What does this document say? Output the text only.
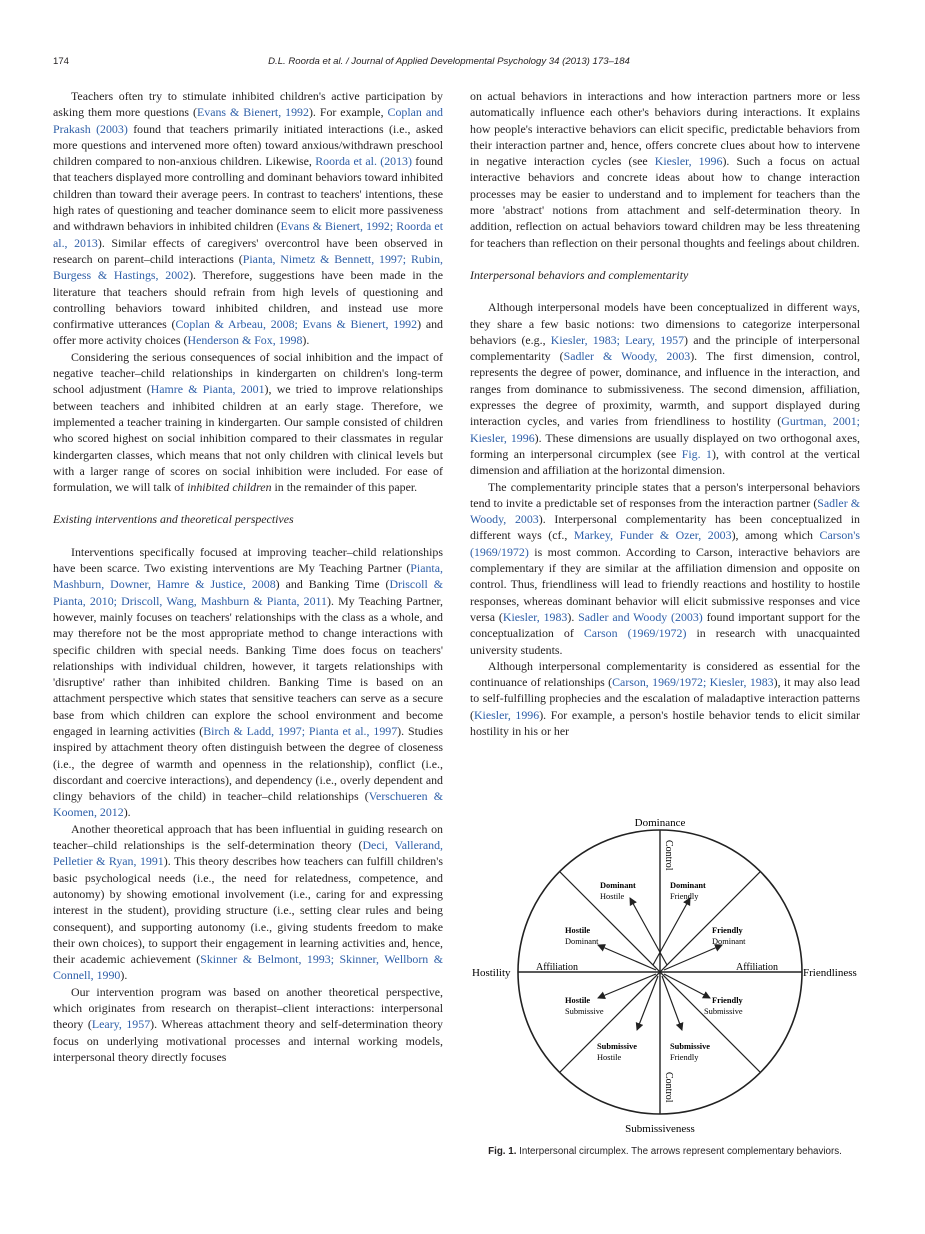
174	D.L. Roorda et al. / Journal of Applied Developmental Psychology 34 (2013) 173–184

Teachers often try to stimulate inhibited children's active participation by asking them more questions (Evans & Bienert, 1992). For example, Coplan and Prakash (2003) found that teachers primarily initiated interactions (i.e., asked more questions and intervened more often) toward anxious/withdrawn preschool children compared to non-anxious children. Likewise, Roorda et al. (2013) found that teachers displayed more controlling and dominant behaviors toward inhibited children than toward their average peers. In contrast to teachers' intentions, these high rates of questioning and teacher dominance seem to elicit more passiveness and withdrawn behaviors in inhibited children (Evans & Bienert, 1992; Roorda et al., 2013). Similar effects of caregivers' overcontrol have been observed in research on parent–child interactions (Pianta, Nimetz & Bennett, 1997; Rubin, Burgess & Hastings, 2002). Therefore, suggestions have been made in the literature that teachers should refrain from high levels of questioning and controlling behaviors toward inhibited children, and instead use more confirmative utterances (Coplan & Arbeau, 2008; Evans & Bienert, 1992) and offer more activity choices (Henderson & Fox, 1998).

Considering the serious consequences of social inhibition and the impact of negative teacher–child relationships in kindergarten on children's long-term school adjustment (Hamre & Pianta, 2001), we tried to improve relationships between teachers and inhibited children at an early stage. Therefore, we implemented a teacher training in kindergarten. Our sample consisted of children who scored highest on social inhibition compared to their classmates in regular kindergarten classes, which means that not only children with clinical levels but with a larger range of scores on social inhibition were included. For ease of formulation, we will talk of inhibited children in the remainder of this paper.

Existing interventions and theoretical perspectives

Interventions specifically focused at improving teacher–child relationships have been scarce. Two existing interventions are My Teaching Partner (Pianta, Mashburn, Downer, Hamre & Justice, 2008) and Banking Time (Driscoll & Pianta, 2010; Driscoll, Wang, Mashburn & Pianta, 2011). My Teaching Partner, however, mainly focuses on teachers' relationships with the class as a whole, and may therefore not be the most appropriate method to change interactions with specific children with special needs. Banking Time does focus on teachers' relationships with individual children, however, it targets relationships with 'disruptive' rather than inhibited children. Banking Time is based on an attachment perspective which states that sensitive teachers can serve as a secure base from which children can explore the school environment and become engaged in learning activities (Birch & Ladd, 1997; Pianta et al., 1997). Studies inspired by attachment theory often distinguish between the degree of closeness (i.e., the degree of warmth and openness in the relationship), conflict (i.e., discordant and coercive interactions), and dependency (i.e., overly dependent and clingy behaviors of the child) in teacher–child relationships (Verschueren & Koomen, 2012).

Another theoretical approach that has been influential in guiding research on teacher–child relationships is the self-determination theory (Deci, Vallerand, Pelletier & Ryan, 1991). This theory describes how teachers can fulfill children's basic psychological needs (i.e., the need for relatedness, competence, and autonomy) by showing emotional involvement (i.e., caring for and expressing interest in the student), providing structure (i.e., setting clear rules and being consequent), and supporting autonomy (i.e., giving students freedom to make their own choices), to support their engagement in learning activities and, hence, their academic achievement (Skinner & Belmont, 1993; Skinner, Wellborn & Connell, 1990).

Our intervention program was based on another theoretical perspective, which originates from research on therapist–client interactions: interpersonal theory (Leary, 1957). Whereas attachment theory and self-determination theory focus on underlying motivational processes and internal working models, interpersonal theory directly focuses

on actual behaviors in interactions and how interaction partners more or less automatically influence each other's behaviors during interactions. It explains how people's interactive behaviors can elicit specific, predictable behaviors from their interaction partner and, hence, offers concrete clues about how to intervene in negative interaction cycles (see Kiesler, 1996). Such a focus on actual interactive behaviors and concrete ideas about how to change interaction processes may be easier to understand and to implement for teachers than the more 'abstract' notions from attachment and self-determination theory. In addition, reflection on actual behaviors toward children may be less threatening for teachers than reflection on their personal thoughts and feelings about children.

Interpersonal behaviors and complementarity

Although interpersonal models have been conceptualized in different ways, they share a few basic notions: two dimensions to categorize interpersonal behaviors (e.g., Kiesler, 1983; Leary, 1957) and the principle of interpersonal complementarity (Sadler & Woody, 2003). The first dimension, control, represents the degree of power, dominance, and influence in the interaction, and ranges from dominance to submissiveness. The second dimension, affiliation, expresses the degree of proximity, warmth, and support displayed during interaction cycles, and varies from friendliness to hostility (Gurtman, 2001; Kiesler, 1996). These dimensions are usually displayed on two orthogonal axes, forming an interpersonal circumplex (see Fig. 1), with control at the vertical dimension and affiliation at the horizontal dimension.

The complementarity principle states that a person's interpersonal behaviors tend to invite a predictable set of responses from the interaction partner (Sadler & Woody, 2003). Interpersonal complementarity has been conceptualized in different ways (cf., Markey, Funder & Ozer, 2003), among which Carson's (1969/1972) is most common. According to Carson, interactive behaviors are complementary if they are similar at the affiliation dimension and opposite on control. Thus, friendliness will lead to friendly reactions and hostility to hostile responses, whereas dominant behavior will elicit submissive responses and vice versa (Kiesler, 1983). Sadler and Woody (2003) found important support for the conceptualization of Carson (1969/1972) in research with unacquainted university students.

Although interpersonal complementarity is considered as essential for the continuance of relationships (Carson, 1969/1972; Kiesler, 1983), it may also lead to self-fulfilling prophecies and the escalation of maladaptive interaction patterns (Kiesler, 1996). For example, a person's hostile behavior tends to elicit similar hostility in his or her

Dominance
Submissiveness
Hostility	Friendliness
Control
Control
Affiliation	Affiliation
Dominant
Hostile
Dominant
Friendly
Hostile
Dominant
Friendly
Dominant
Hostile
Submissive
Friendly
Submissive
Submissive
Hostile
Submissive
Friendly
Fig. 1. Interpersonal circumplex. The arrows represent complementary behaviors.
